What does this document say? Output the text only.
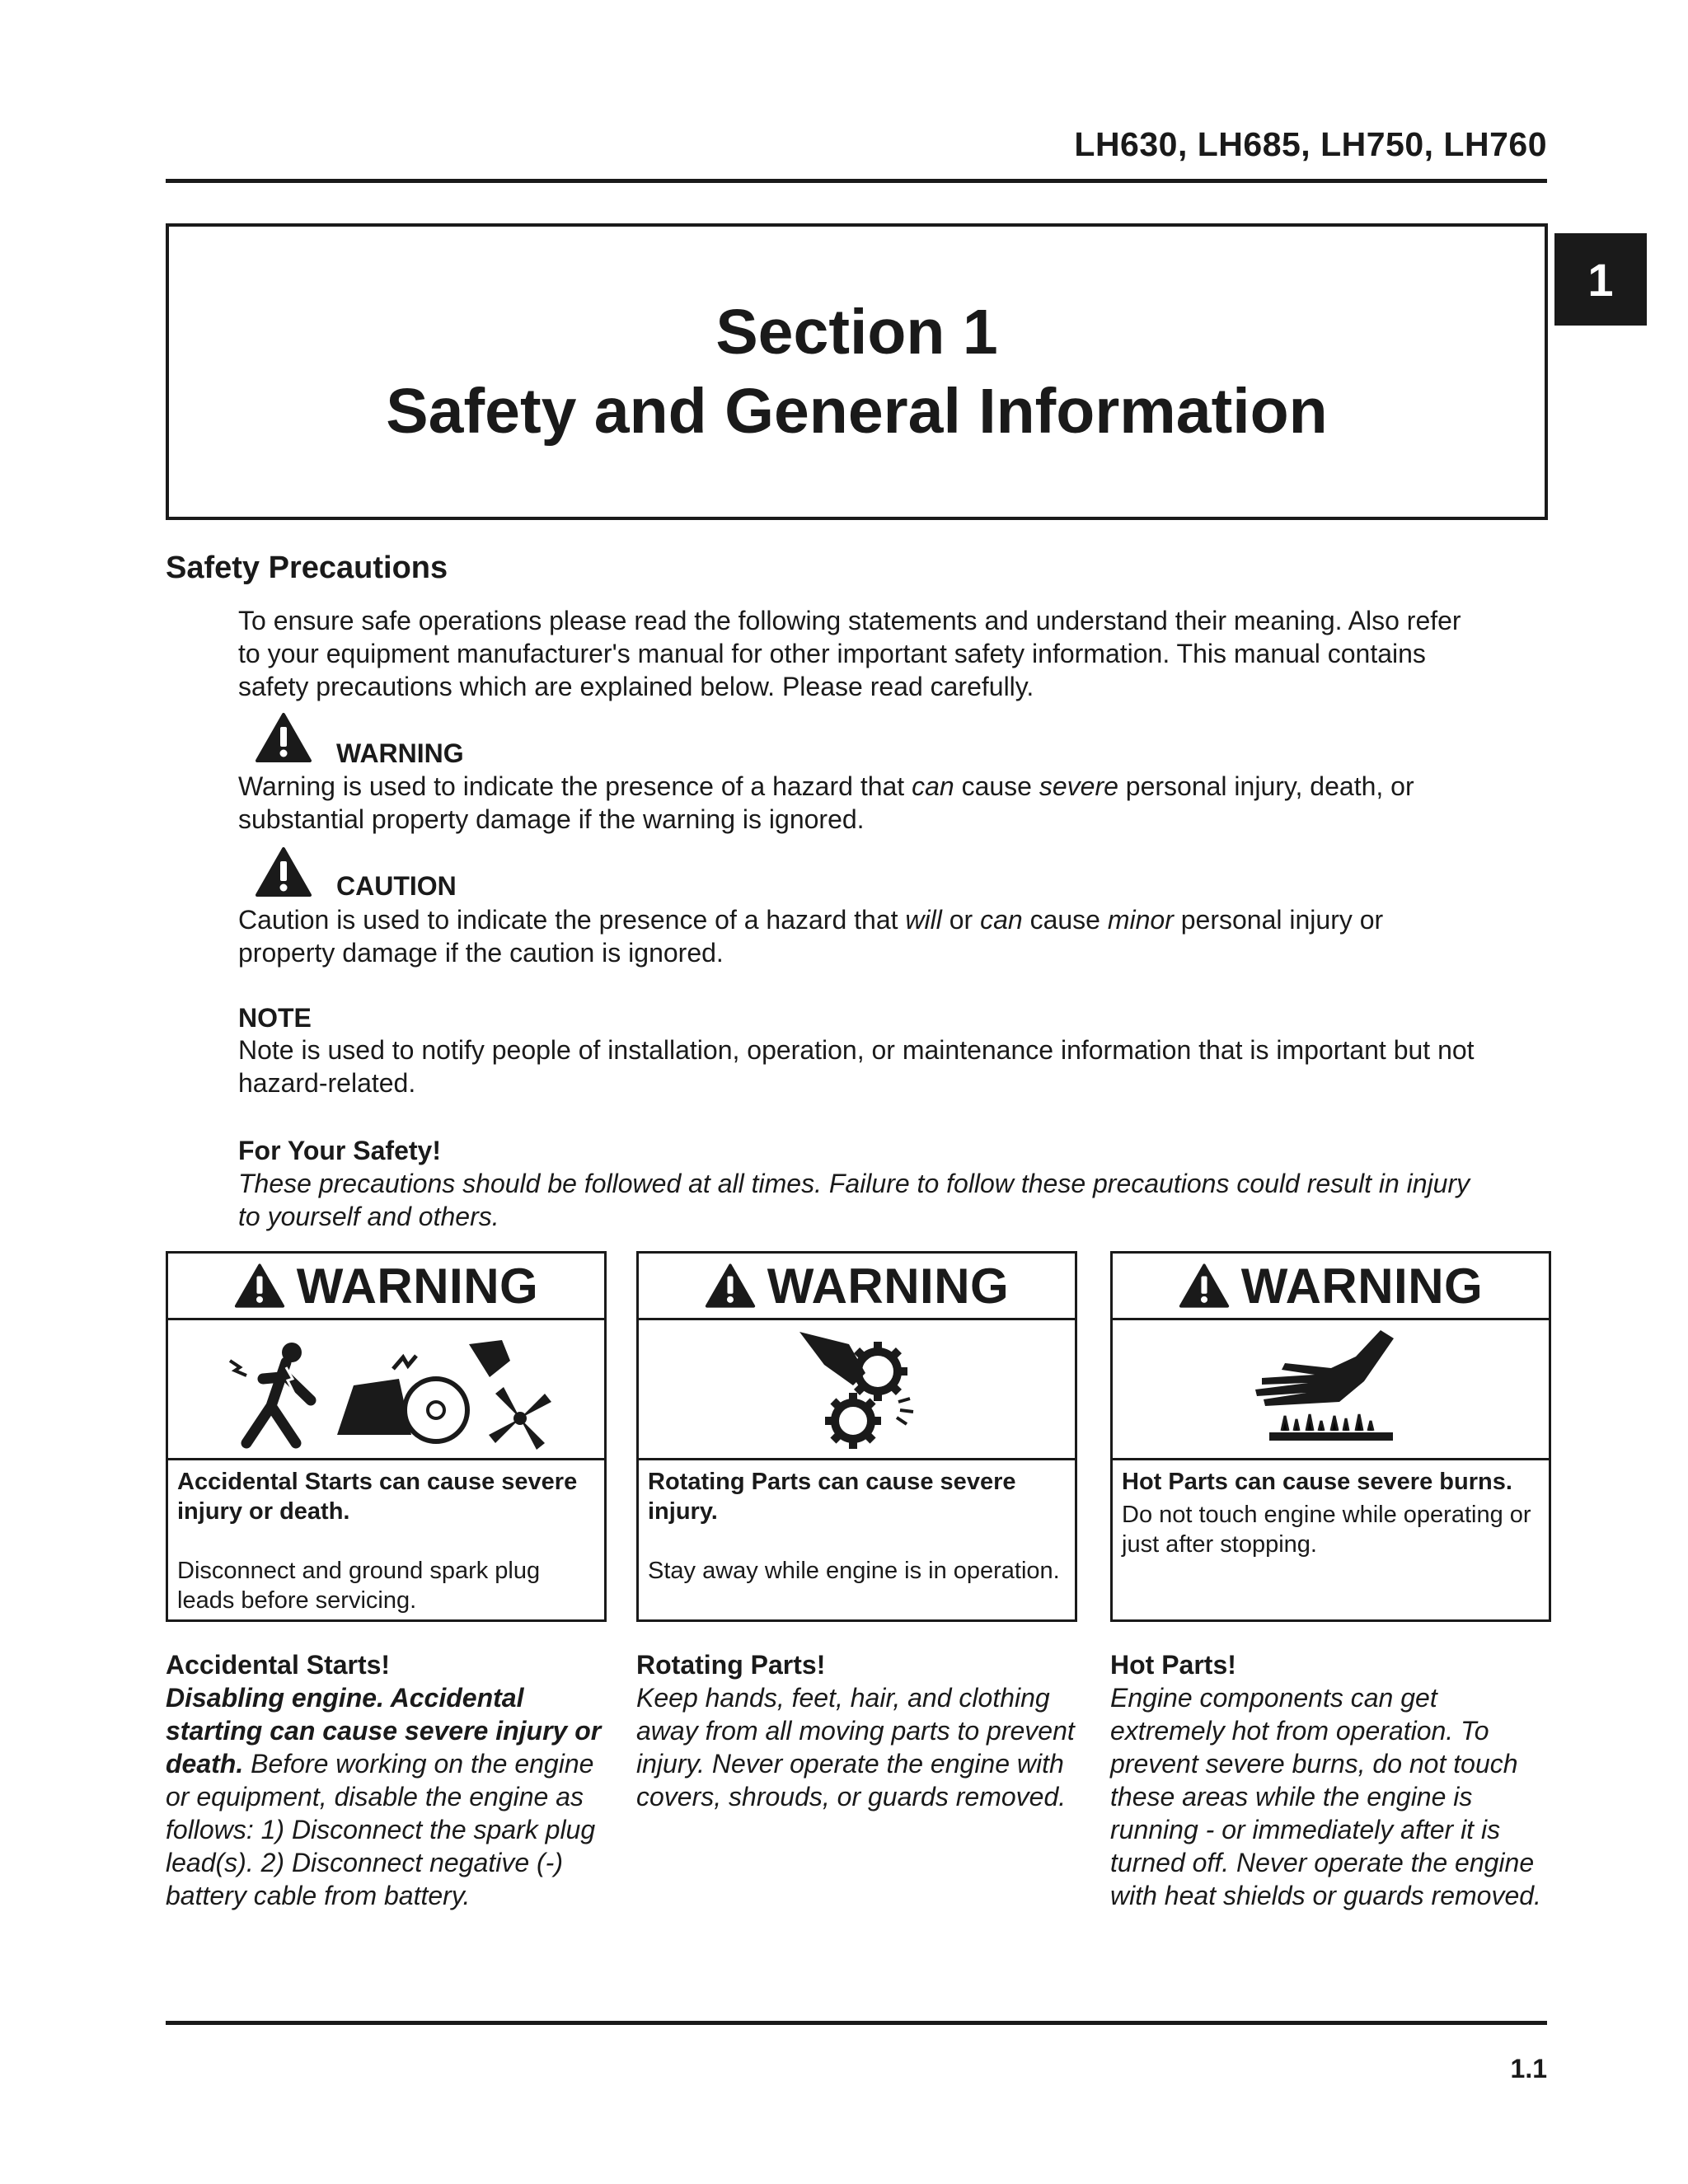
LH630, LH685, LH750, LH760
1
Section 1
Safety and General Information
Safety Precautions
To ensure safe operations please read the following statements and understand their meaning. Also refer to your equipment manufacturer's manual for other important safety information. This manual contains safety precautions which are explained below. Please read carefully.
WARNING
Warning is used to indicate the presence of a hazard that can cause severe personal injury, death, or substantial property damage if the warning is ignored.
CAUTION
Caution is used to indicate the presence of a hazard that will or can cause minor personal injury or property damage if the caution is ignored.
NOTE
Note is used to notify people of installation, operation, or maintenance information that is important but not hazard-related.
For Your Safety!
These precautions should be followed at all times. Failure to follow these precautions could result in injury to yourself and others.
WARNING
Accidental Starts can cause severe injury or death.
Disconnect and ground spark plug leads before servicing.
WARNING
Rotating Parts can cause severe injury.
Stay away while engine is in operation.
WARNING
Hot Parts can cause severe burns.
Do not touch engine while operating or just after stopping.
Accidental Starts!
Disabling engine. Accidental starting can cause severe injury or death. Before working on the engine or equipment, disable the engine as follows: 1) Disconnect the spark plug lead(s). 2) Disconnect negative (-) battery cable from battery.
Rotating Parts!
Keep hands, feet, hair, and clothing away from all moving parts to prevent injury. Never operate the engine with covers, shrouds, or guards removed.
Hot Parts!
Engine components can get extremely hot from operation. To prevent severe burns, do not touch these areas while the engine is running - or immediately after it is turned off. Never operate the engine with heat shields or guards removed.
1.1
